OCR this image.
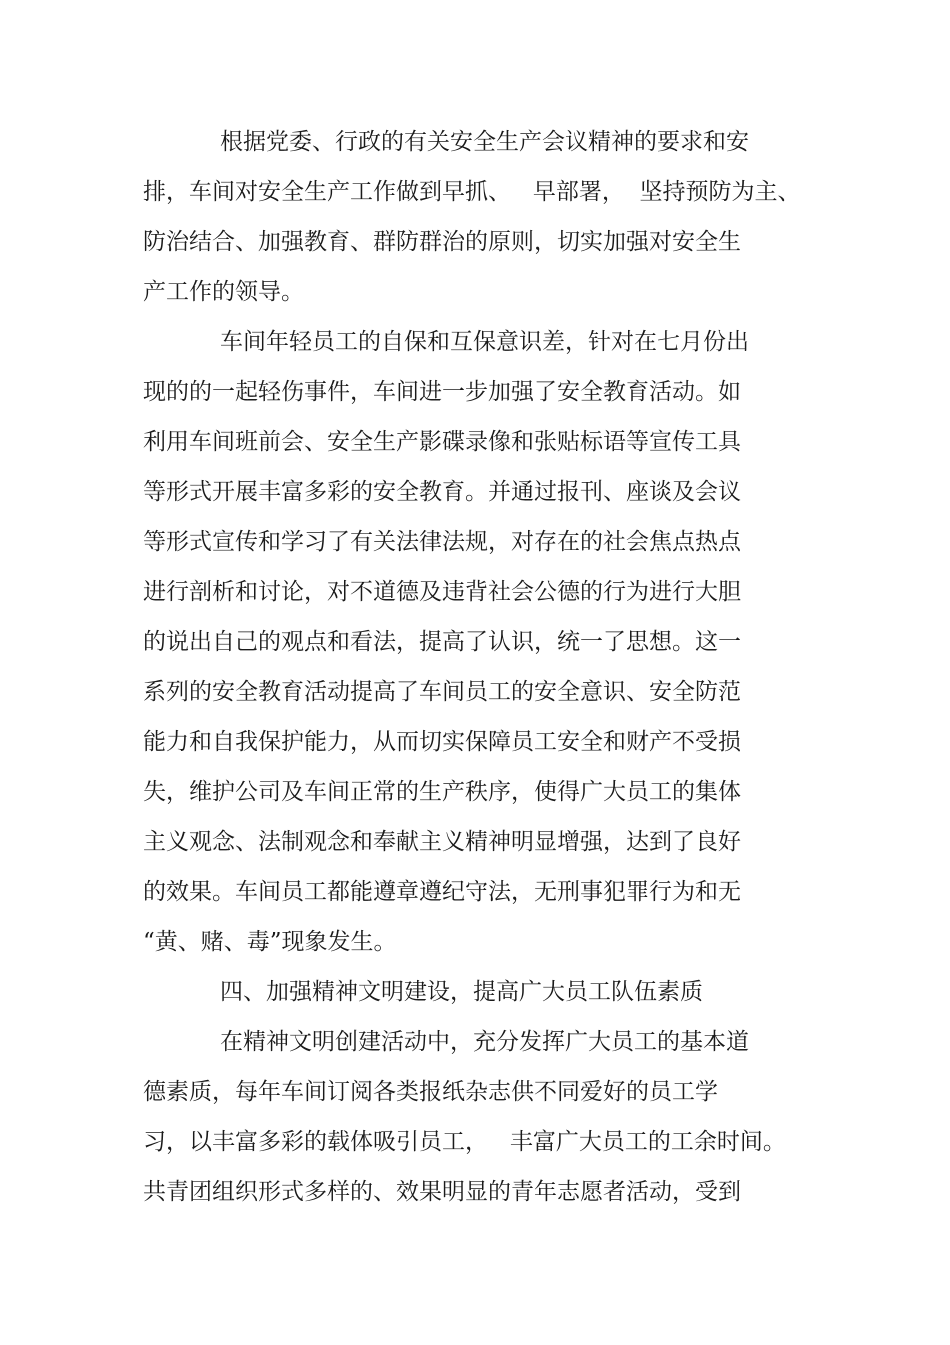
根据党委、行政的有关安全生产会议精神的要求和安
排，车间对安全生产工作做到早抓、   早部署，  坚持预防为主、
防治结合、加强教育、群防群治的原则，切实加强对安全生
产工作的领导。
车间年轻员工的自保和互保意识差，针对在七月份出
现的的一起轻伤事件，车间进一步加强了安全教育活动。如
利用车间班前会、安全生产影碟录像和张贴标语等宣传工具
等形式开展丰富多彩的安全教育。并通过报刊、座谈及会议
等形式宣传和学习了有关法律法规，对存在的社会焦点热点
进行剖析和讨论，对不道德及违背社会公德的行为进行大胆
的说出自己的观点和看法，提高了认识，统一了思想。这一
系列的安全教育活动提高了车间员工的安全意识、安全防范
能力和自我保护能力，从而切实保障员工安全和财产不受损
失，维护公司及车间正常的生产秩序，使得广大员工的集体
主义观念、法制观念和奉献主义精神明显增强，达到了良好
的效果。车间员工都能遵章遵纪守法，无刑事犯罪行为和无
“黄、赌、毒”现象发生。
四、加强精神文明建设，提高广大员工队伍素质
在精神文明创建活动中，充分发挥广大员工的基本道
德素质，每年车间订阅各类报纸杂志供不同爱好的员工学
习，以丰富多彩的载体吸引员工，   丰富广大员工的工余时间。
共青团组织形式多样的、效果明显的青年志愿者活动，受到
